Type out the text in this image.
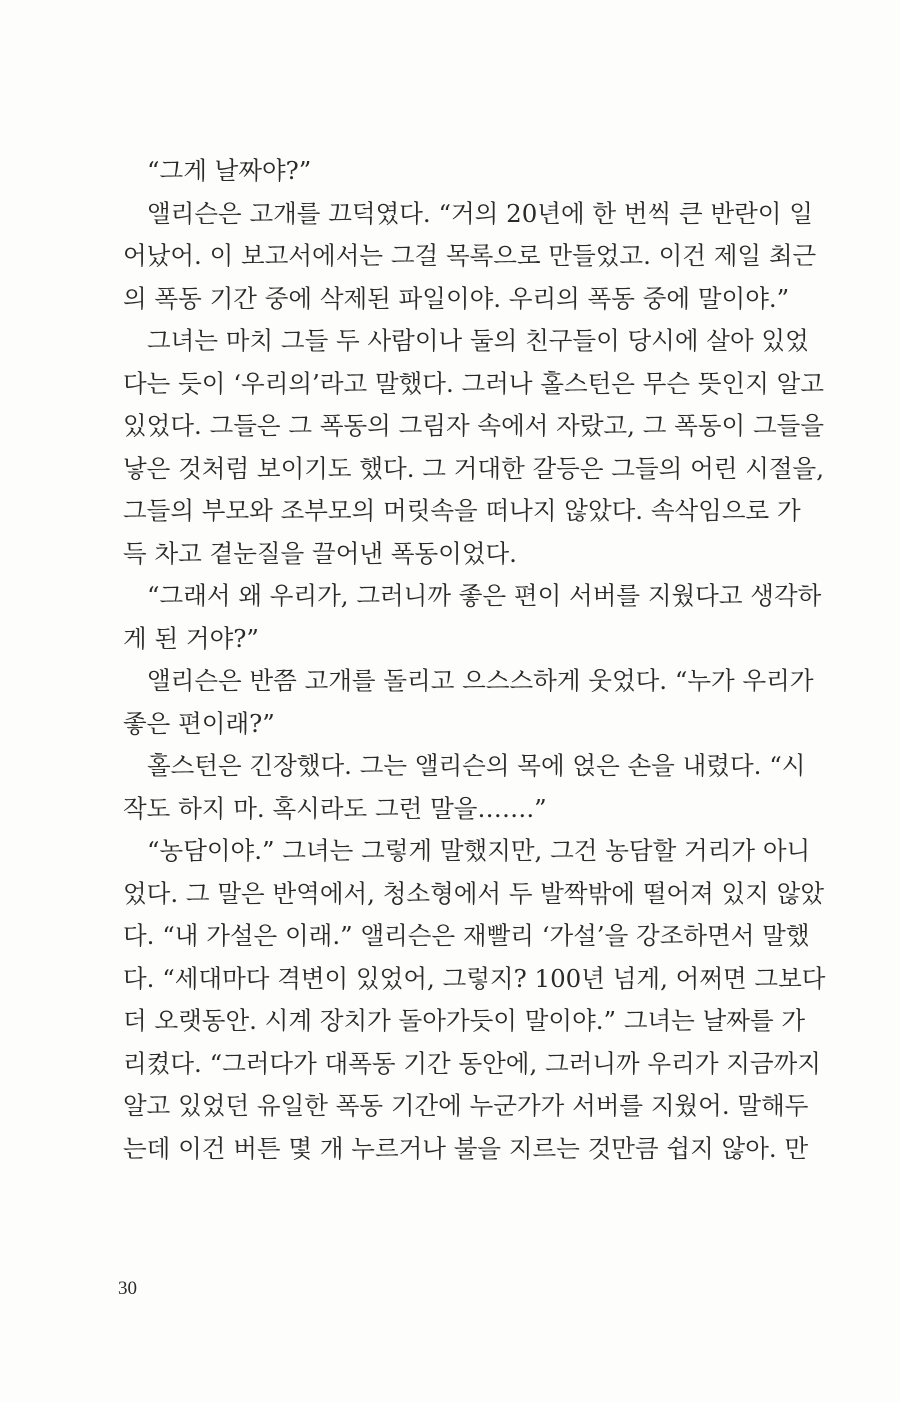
“그게 날짜야?”
앨리슨은 고개를 끄덕였다. “거의 20년에 한 번씩 큰 반란이 일
어났어. 이 보고서에서는 그걸 목록으로 만들었고. 이건 제일 최근
의 폭동 기간 중에 삭제된 파일이야. 우리의 폭동 중에 말이야.”
그녀는 마치 그들 두 사람이나 둘의 친구들이 당시에 살아 있었
다는 듯이 ‘우리의’라고 말했다. 그러나 홀스턴은 무슨 뜻인지 알고
있었다. 그들은 그 폭동의 그림자 속에서 자랐고, 그 폭동이 그들을
낳은 것처럼 보이기도 했다. 그 거대한 갈등은 그들의 어린 시절을,
그들의 부모와 조부모의 머릿속을 떠나지 않았다. 속삭임으로 가
득 차고 곁눈질을 끌어낸 폭동이었다.
“그래서 왜 우리가, 그러니까 좋은 편이 서버를 지웠다고 생각하
게 된 거야?”
앨리슨은 반쯤 고개를 돌리고 으스스하게 웃었다. “누가 우리가
좋은 편이래?”
홀스턴은 긴장했다. 그는 앨리슨의 목에 얹은 손을 내렸다. “시
작도 하지 마. 혹시라도 그런 말을…….”
“농담이야.” 그녀는 그렇게 말했지만, 그건 농담할 거리가 아니
었다. 그 말은 반역에서, 청소형에서 두 발짝밖에 떨어져 있지 않았
다. “내 가설은 이래.” 앨리슨은 재빨리 ‘가설’을 강조하면서 말했
다. “세대마다 격변이 있었어, 그렇지? 100년 넘게, 어쩌면 그보다
더 오랫동안. 시계 장치가 돌아가듯이 말이야.” 그녀는 날짜를 가
리켰다. “그러다가 대폭동 기간 동안에, 그러니까 우리가 지금까지
알고 있었던 유일한 폭동 기간에 누군가가 서버를 지웠어. 말해두
는데 이건 버튼 몇 개 누르거나 불을 지르는 것만큼 쉽지 않아. 만
30
